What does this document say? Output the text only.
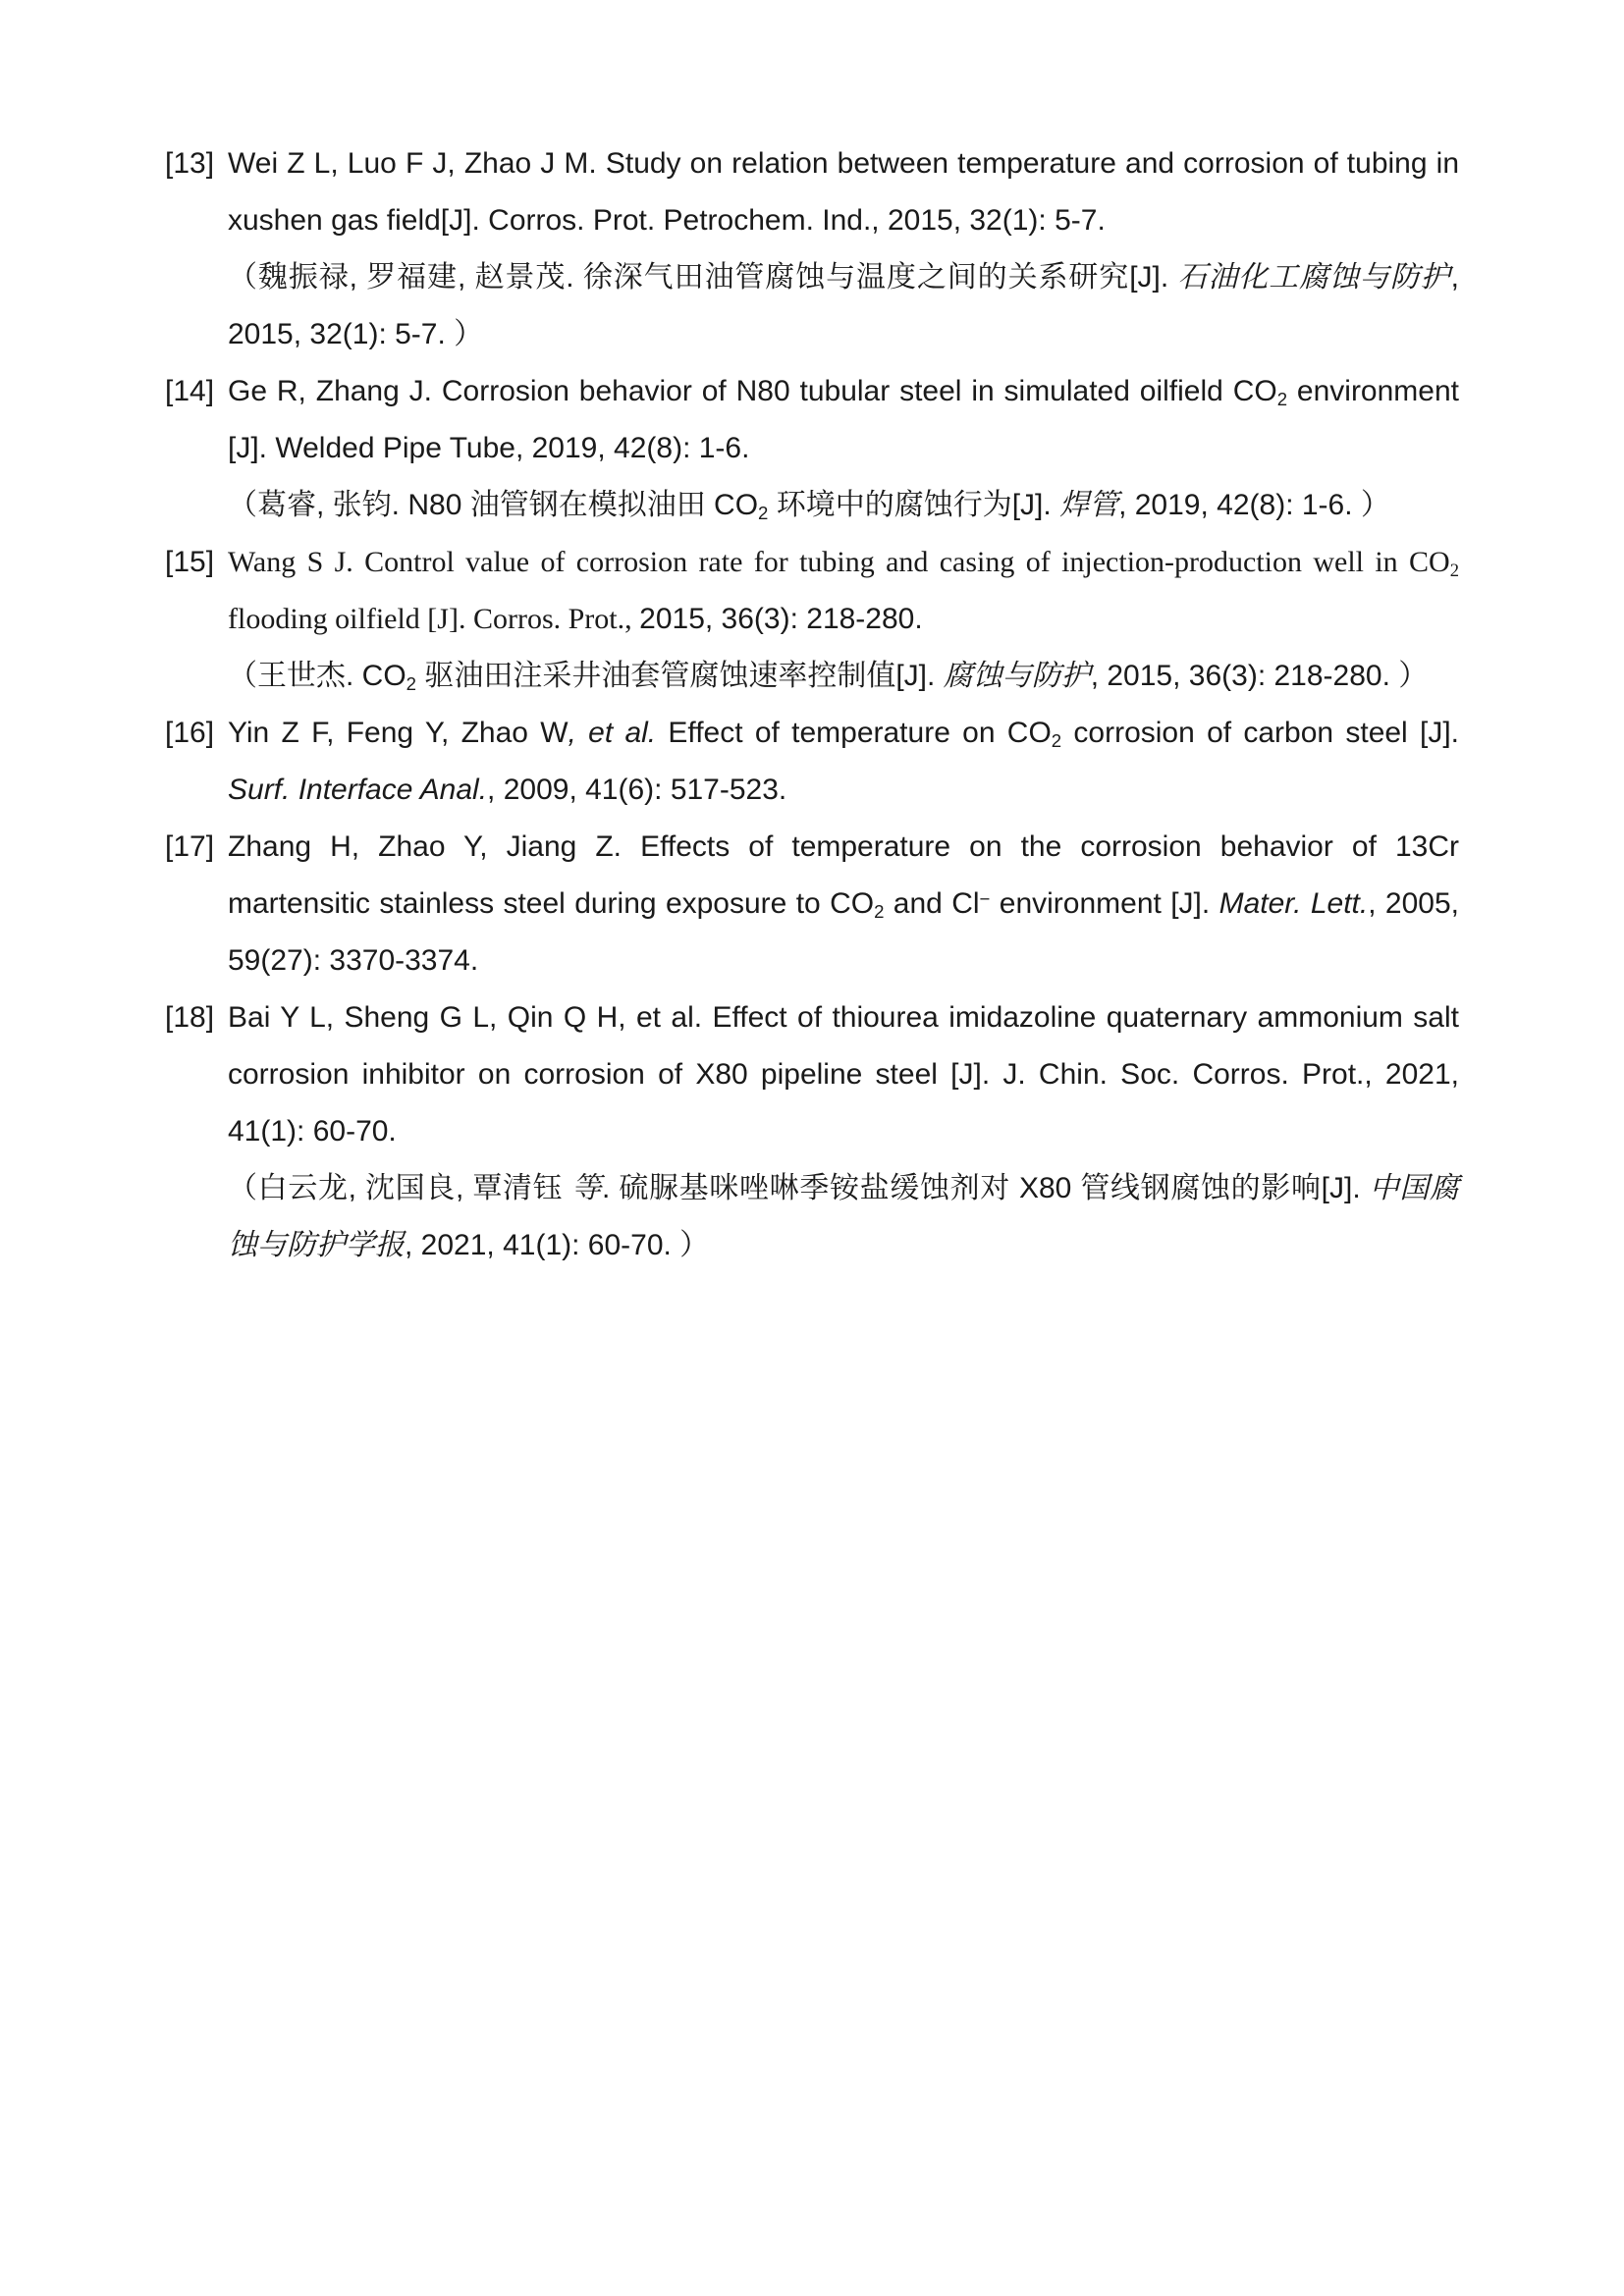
[13] Wei Z L, Luo F J, Zhao J M. Study on relation between temperature and corrosion of tubing in xushen gas field[J]. Corros. Prot. Petrochem. Ind., 2015, 32(1): 5-7.

（魏振禄, 罗福建, 赵景茂. 徐深气田油管腐蚀与温度之间的关系研究[J]. 石油化工腐蚀与防护, 2015, 32(1): 5-7. ）

[14] Ge R, Zhang J. Corrosion behavior of N80 tubular steel in simulated oilfield CO2 environment [J]. Welded Pipe Tube, 2019, 42(8): 1-6.

（葛睿, 张钧. N80 油管钢在模拟油田 CO2 环境中的腐蚀行为[J]. 焊管, 2019, 42(8): 1-6. ）

[15] Wang S J. Control value of corrosion rate for tubing and casing of injection-production well in CO2 flooding oilfield [J]. Corros. Prot., 2015, 36(3): 218-280.

（王世杰. CO2 驱油田注采井油套管腐蚀速率控制值[J]. 腐蚀与防护, 2015, 36(3): 218-280. ）

[16] Yin Z F, Feng Y, Zhao W, et al. Effect of temperature on CO2 corrosion of carbon steel [J]. Surf. Interface Anal., 2009, 41(6): 517-523.

[17] Zhang H, Zhao Y, Jiang Z. Effects of temperature on the corrosion behavior of 13Cr martensitic stainless steel during exposure to CO2 and Cl− environment [J]. Mater. Lett., 2005, 59(27): 3370-3374.

[18] Bai Y L, Sheng G L, Qin Q H, et al. Effect of thiourea imidazoline quaternary ammonium salt corrosion inhibitor on corrosion of X80 pipeline steel [J]. J. Chin. Soc. Corros. Prot., 2021, 41(1): 60-70.

（白云龙, 沈国良, 覃清钰 等. 硫脲基咪唑啉季铵盐缓蚀剂对 X80 管线钢腐蚀的影响[J]. 中国腐蚀与防护学报, 2021, 41(1): 60-70. ）
